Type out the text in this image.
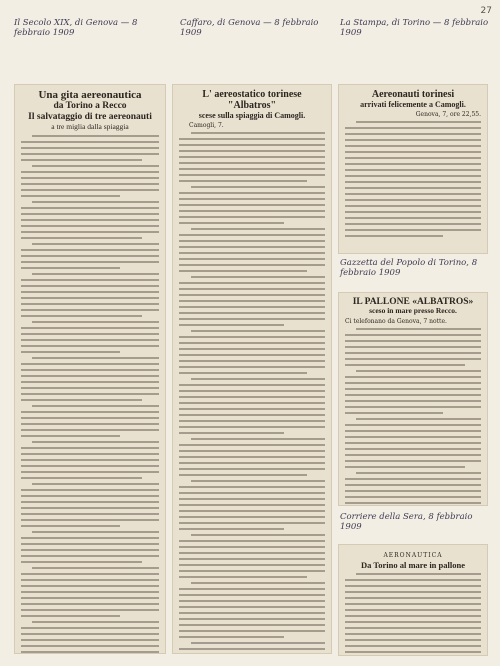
27
Il Secolo XIX, di Genova — 8 febbraio 1909
Caffaro, di Genova — 8 febbraio 1909
La Stampa, di Torino — 8 febbraio 1909
Una gita aereonautica
da Torino a Recco
Il salvataggio di tre aereonauti
a tre miglia dalla spiaggia
L' aereostatico torinese "Albatros"
scese sulla spiaggia di Camogli.
Camogli, 7.
Aereonauti torinesi
arrivati felicemente a Camogli.
Genova, 7, ore 22,55.
Gazzetta del Popolo di Torino, 8 febbraio 1909
IL PALLONE «ALBATROS»
sceso in mare presso Recco.
Ci telefonano da Genova, 7 notte.
Corriere della Sera, 8 febbraio 1909
AERONAUTICA
Da Torino al mare in pallone
